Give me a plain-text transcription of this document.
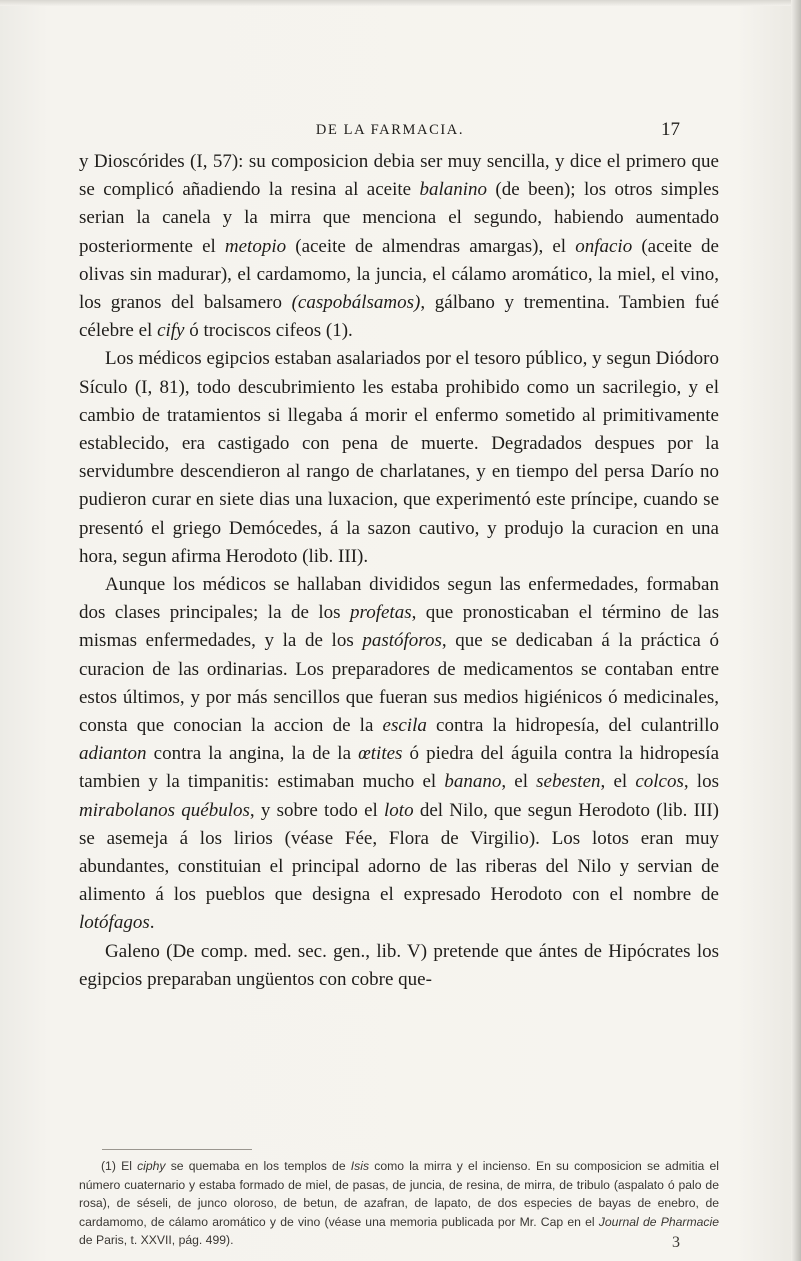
DE LA FARMACIA.	17

y Dioscórides (I, 57): su composicion debia ser muy sencilla, y dice el primero que se complicó añadiendo la resina al aceite balanino (de been); los otros simples serian la canela y la mirra que menciona el segundo, habiendo aumentado posteriormente el metopio (aceite de almendras amargas), el onfacio (aceite de olivas sin madurar), el cardamomo, la juncia, el cálamo aromático, la miel, el vino, los granos del balsamero (caspobálsamos), gálbano y trementina. Tambien fué célebre el cify ó trociscos cifeos (1).

Los médicos egipcios estaban asalariados por el tesoro público, y segun Diódoro Sículo (I, 81), todo descubrimiento les estaba prohibido como un sacrilegio, y el cambio de tratamientos si llegaba á morir el enfermo sometido al primitivamente establecido, era castigado con pena de muerte. Degradados despues por la servidumbre descendieron al rango de charlatanes, y en tiempo del persa Darío no pudieron curar en siete dias una luxacion, que experimentó este príncipe, cuando se presentó el griego Demócedes, á la sazon cautivo, y produjo la curacion en una hora, segun afirma Herodoto (lib. III).

Aunque los médicos se hallaban divididos segun las enfermedades, formaban dos clases principales; la de los profetas, que pronosticaban el término de las mismas enfermedades, y la de los pastóforos, que se dedicaban á la práctica ó curacion de las ordinarias. Los preparadores de medicamentos se contaban entre estos últimos, y por más sencillos que fueran sus medios higiénicos ó medicinales, consta que conocian la accion de la escila contra la hidropesía, del culantrillo adianton contra la angina, la de la œtites ó piedra del águila contra la hidropesía tambien y la timpanitis: estimaban mucho el banano, el sebesten, el colcos, los mirabolanos québulos, y sobre todo el loto del Nilo, que segun Herodoto (lib. III) se asemeja á los lirios (véase Fée, Flora de Virgilio). Los lotos eran muy abundantes, constituian el principal adorno de las riberas del Nilo y servian de alimento á los pueblos que designa el expresado Herodoto con el nombre de lotófagos.

Galeno (De comp. med. sec. gen., lib. V) pretende que ántes de Hipócrates los egipcios preparaban ungüentos con cobre que-

(1) El ciphy se quemaba en los templos de Isis como la mirra y el incienso. En su composicion se admitia el número cuaternario y estaba formado de miel, de pasas, de juncia, de resina, de mirra, de tribulo (aspalato ó palo de rosa), de séseli, de junco oloroso, de betun, de azafran, de lapato, de dos especies de bayas de enebro, de cardamomo, de cálamo aromático y de vino (véase una memoria publicada por Mr. Cap en el Journal de Pharmacie de Paris, t. XXVII, pág. 499).	3
